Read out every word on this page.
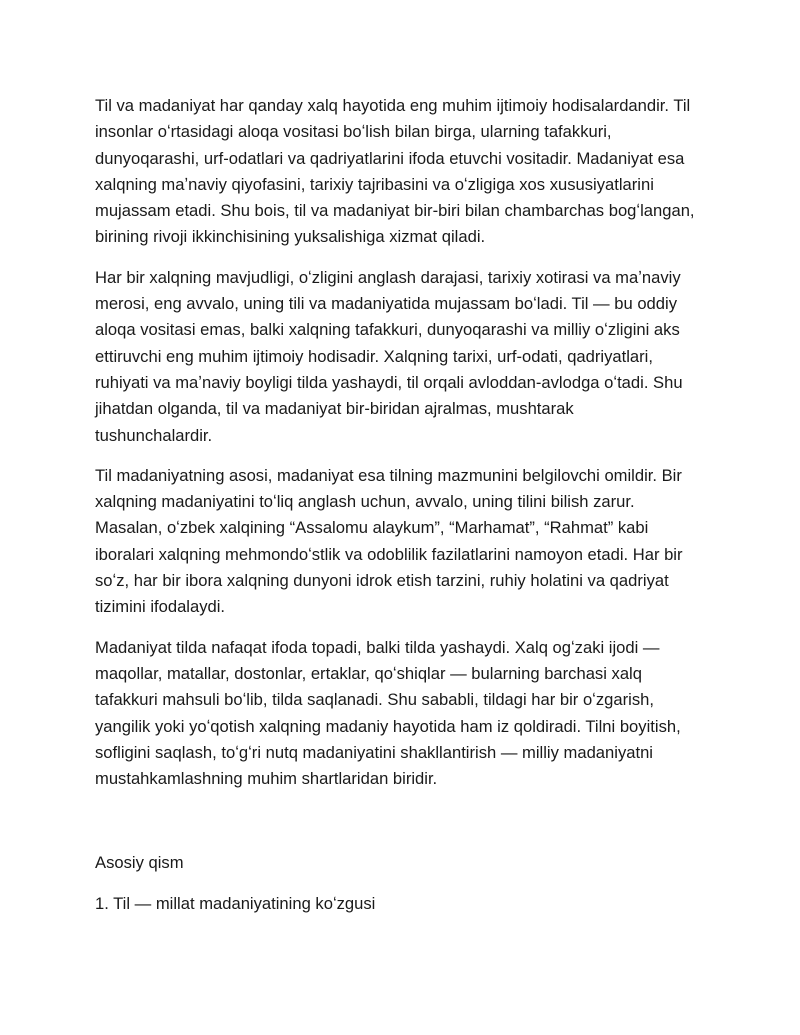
Til va madaniyat har qanday xalq hayotida eng muhim ijtimoiy hodisalardandir. Til
insonlar oʻrtasidagi aloqa vositasi boʻlish bilan birga, ularning tafakkuri,
dunyoqarashi, urf-odatlari va qadriyatlarini ifoda etuvchi vositadir. Madaniyat esa
xalqning maʼnaviy qiyofasini, tarixiy tajribasini va oʻzligiga xos xususiyatlarini
mujassam etadi. Shu bois, til va madaniyat bir-biri bilan chambarchas bogʻlangan,
birining rivoji ikkinchisining yuksalishiga xizmat qiladi.
Har bir xalqning mavjudligi, oʻzligini anglash darajasi, tarixiy xotirasi va maʼnaviy
merosi, eng avvalo, uning tili va madaniyatida mujassam boʻladi. Til — bu oddiy
aloqa vositasi emas, balki xalqning tafakkuri, dunyoqarashi va milliy oʻzligini aks
ettiruvchi eng muhim ijtimoiy hodisadir. Xalqning tarixi, urf-odati, qadriyatlari,
ruhiyati va maʼnaviy boyligi tilda yashaydi, til orqali avloddan-avlodga oʻtadi. Shu
jihatdan olganda, til va madaniyat bir-biridan ajralmas, mushtarak
tushunchalardir.
Til madaniyatning asosi, madaniyat esa tilning mazmunini belgilovchi omildir. Bir
xalqning madaniyatini toʻliq anglash uchun, avvalo, uning tilini bilish zarur.
Masalan, oʻzbek xalqining “Assalomu alaykum”, “Marhamat”, “Rahmat” kabi
iboralari xalqning mehmondoʻstlik va odoblilik fazilatlarini namoyon etadi. Har bir
soʻz, har bir ibora xalqning dunyoni idrok etish tarzini, ruhiy holatini va qadriyat
tizimini ifodalaydi.
Madaniyat tilda nafaqat ifoda topadi, balki tilda yashaydi. Xalq ogʻzaki ijodi —
maqollar, matallar, dostonlar, ertaklar, qoʻshiqlar — bularning barchasi xalq
tafakkuri mahsuli boʻlib, tilda saqlanadi. Shu sababli, tildagi har bir oʻzgarish,
yangilik yoki yoʻqotish xalqning madaniy hayotida ham iz qoldiradi. Tilni boyitish,
sofligini saqlash, toʻgʻri nutq madaniyatini shakllantirish — milliy madaniyatni
mustahkamlashning muhim shartlaridan biridir.
Asosiy qism
1. Til — millat madaniyatining koʻzgusi
